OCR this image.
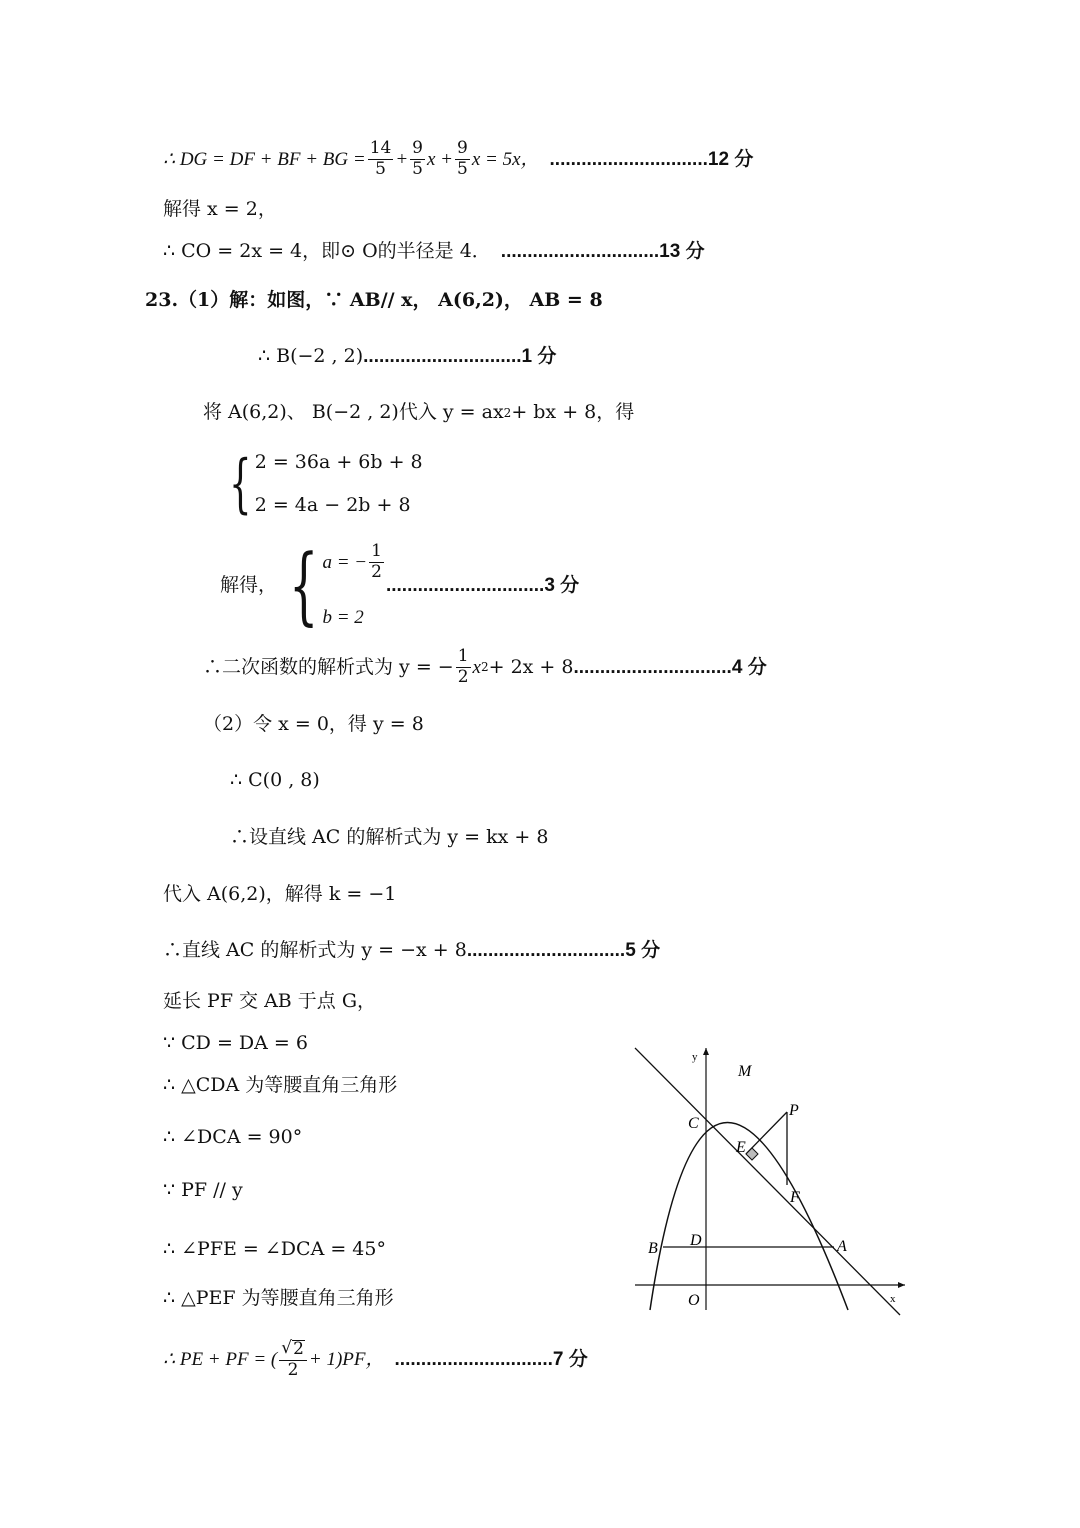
∴ DG = DF + BF + BG = $\frac{14}{5} + \frac{9}{5}$ $x + \frac{9}{5}$ x = 5x， .............................. 12 分
解得 x = 2，
∴ CO = 2x = 4，即⊙ O的半径是 4． .............................. 13 分
23.（1）解：如图，∵ AB// x， A(6,2)， AB = 8
∴ B(−2 , 2) .............................. 1 分
将 A(6,2)、 B(−2 , 2)代入 y = ax 2 + bx + 8，得
{ 2 = 36a + 6b + 8
2 = 4a − 2b + 8
解得， { a = − $\frac{1}{2}$
b = 2
.............................. 3 分
∴二次函数的解析式为 y = − $\frac{1}{2}$ x 2 + 2x + 8 .............................. 4 分
（2）令 x = 0，得 y = 8
∴ C(0 , 8)
∴设直线 AC 的解析式为 y = kx + 8
代入 A(6,2)，解得 k = −1
∴直线 AC 的解析式为 y = −x + 8 .............................. 5 分
延长 PF 交 AB 于点 G，
∵ CD = DA = 6
∴ △CDA 为等腰直角三角形
∴ ∠DCA = 90°
∵ PF // y
∴ ∠PFE = ∠DCA = 45°
∴ △PEF 为等腰直角三角形
∴ PE + PF = ( $\frac{√ 2}{2} + 1)PF$， .............................. 7 分
y
x
M
P
C
E
F
B D	A
O
